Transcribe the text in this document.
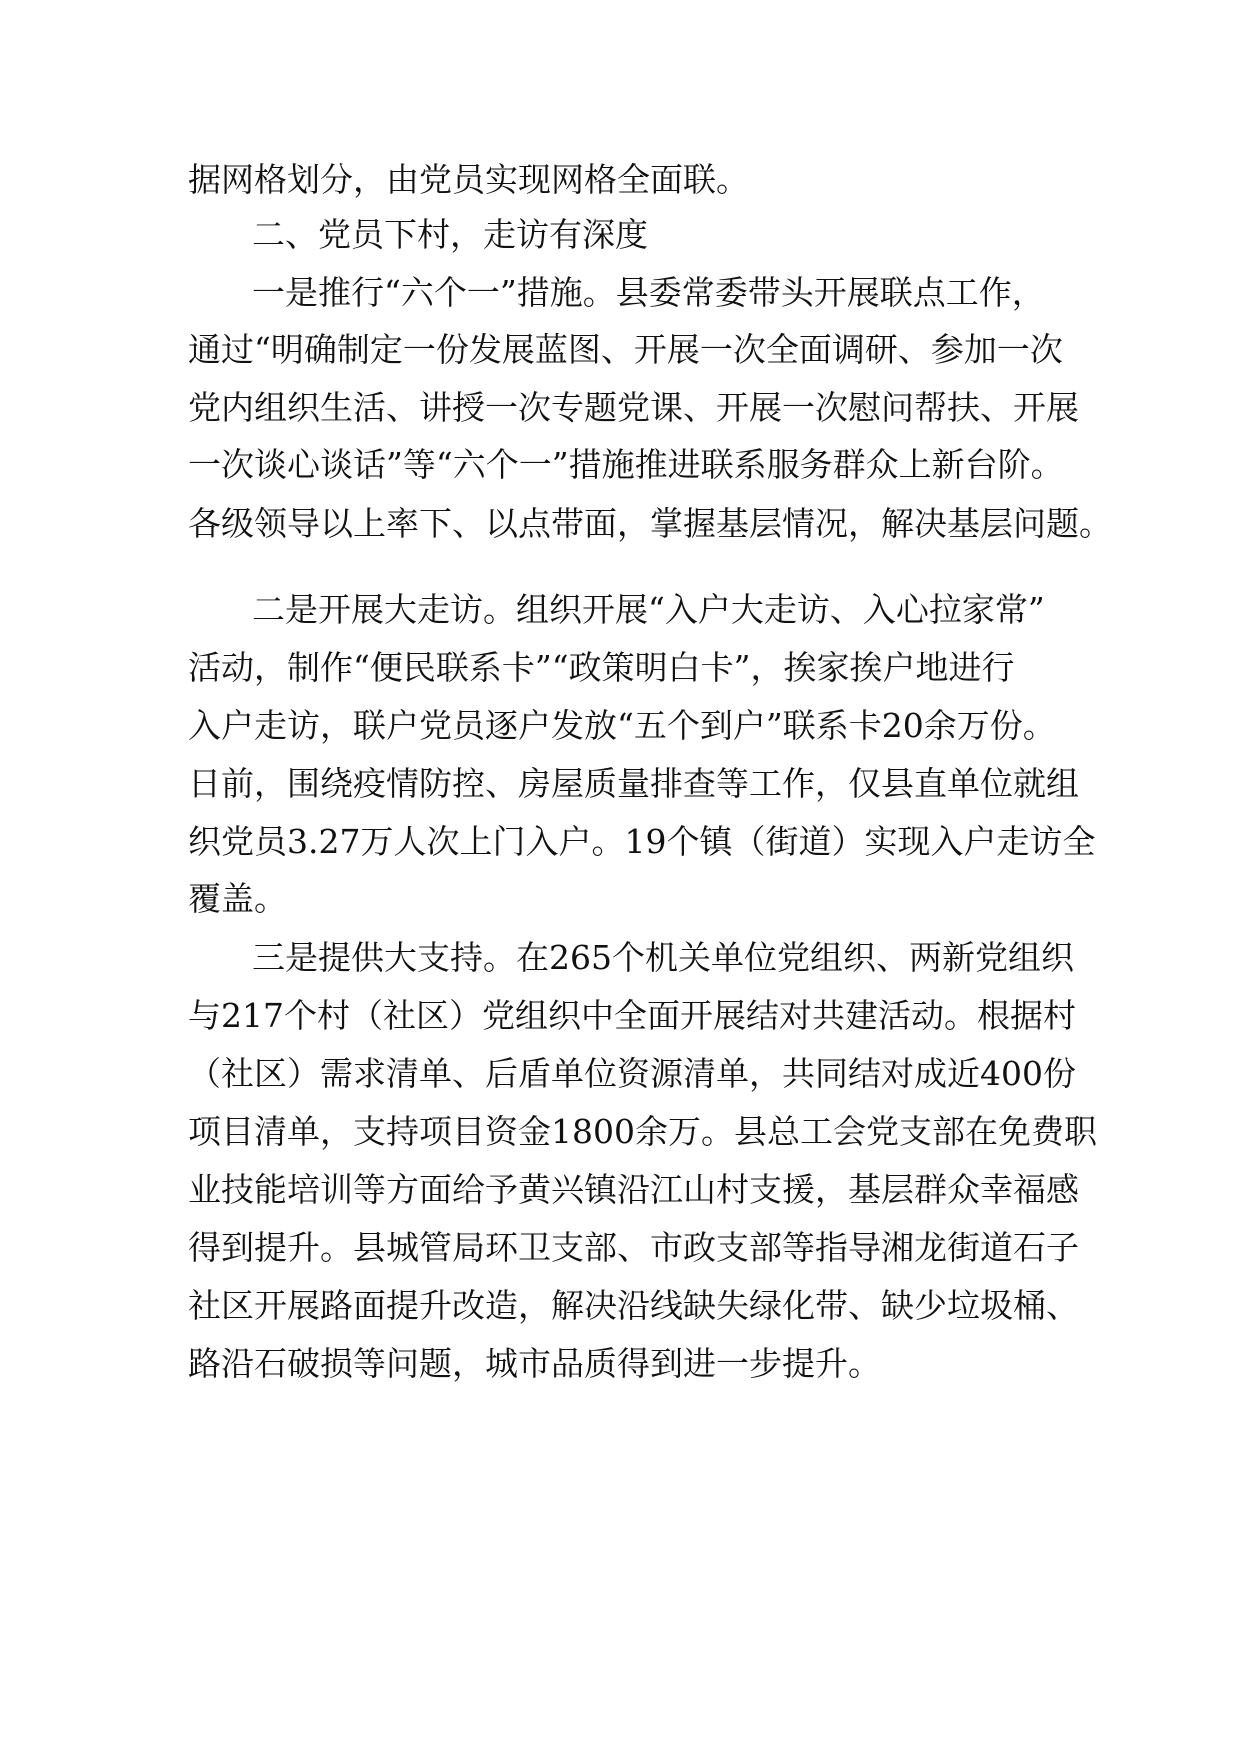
据网格划分，由党员实现网格全面联。

二、党员下村，走访有深度

一是推行“六个一”措施。县委常委带头开展联点工作，

通过“明确制定一份发展蓝图、开展一次全面调研、参加一次

党内组织生活、讲授一次专题党课、开展一次慰问帮扶、开展

一次谈心谈话”等“六个一”措施推进联系服务群众上新台阶。

各级领导以上率下、以点带面，掌握基层情况，解决基层问题。

二是开展大走访。组织开展“入户大走访、入心拉家常”

活动，制作“便民联系卡”“政策明白卡”，挨家挨户地进行

入户走访，联户党员逐户发放“五个到户”联系卡20余万份。

日前，围绕疫情防控、房屋质量排查等工作，仅县直单位就组

织党员3.27万人次上门入户。19个镇（街道）实现入户走访全

覆盖。

三是提供大支持。在265个机关单位党组织、两新党组织

与217个村（社区）党组织中全面开展结对共建活动。根据村

（社区）需求清单、后盾单位资源清单，共同结对成近400份

项目清单，支持项目资金1800余万。县总工会党支部在免费职

业技能培训等方面给予黄兴镇沿江山村支援，基层群众幸福感

得到提升。县城管局环卫支部、市政支部等指导湘龙街道石子

社区开展路面提升改造，解决沿线缺失绿化带、缺少垃圾桶、

路沿石破损等问题，城市品质得到进一步提升。
